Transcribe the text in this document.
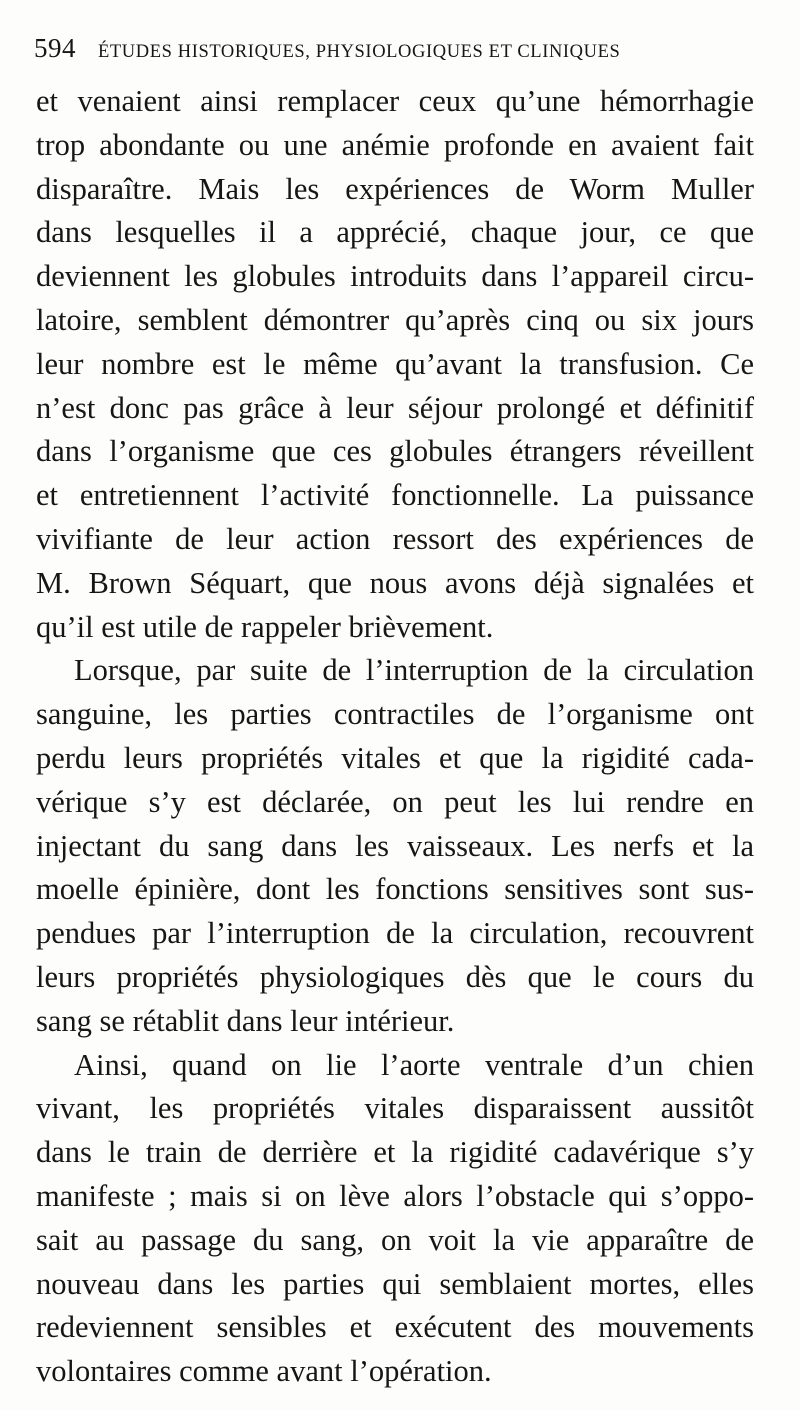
594 ÉTUDES HISTORIQUES, PHYSIOLOGIQUES ET CLINIQUES
et venaient ainsi remplacer ceux qu’une hémorrhagie
trop abondante ou une anémie profonde en avaient fait
disparaître. Mais les expériences de Worm Muller
dans lesquelles il a apprécié, chaque jour, ce que
deviennent les globules introduits dans l’appareil circu-
latoire, semblent démontrer qu’après cinq ou six jours
leur nombre est le même qu’avant la transfusion. Ce
n’est donc pas grâce à leur séjour prolongé et définitif
dans l’organisme que ces globules étrangers réveillent
et entretiennent l’activité fonctionnelle. La puissance
vivifiante de leur action ressort des expériences de
M. Brown Séquart, que nous avons déjà signalées et
qu’il est utile de rappeler brièvement.
Lorsque, par suite de l’interruption de la circulation
sanguine, les parties contractiles de l’organisme ont
perdu leurs propriétés vitales et que la rigidité cada-
vérique s’y est déclarée, on peut les lui rendre en
injectant du sang dans les vaisseaux. Les nerfs et la
moelle épinière, dont les fonctions sensitives sont sus-
pendues par l’interruption de la circulation, recouvrent
leurs propriétés physiologiques dès que le cours du
sang se rétablit dans leur intérieur.
Ainsi, quand on lie l’aorte ventrale d’un chien
vivant, les propriétés vitales disparaissent aussitôt
dans le train de derrière et la rigidité cadavérique s’y
manifeste ; mais si on lève alors l’obstacle qui s’oppo-
sait au passage du sang, on voit la vie apparaître de
nouveau dans les parties qui semblaient mortes, elles
redeviennent sensibles et exécutent des mouvements
volontaires comme avant l’opération.
